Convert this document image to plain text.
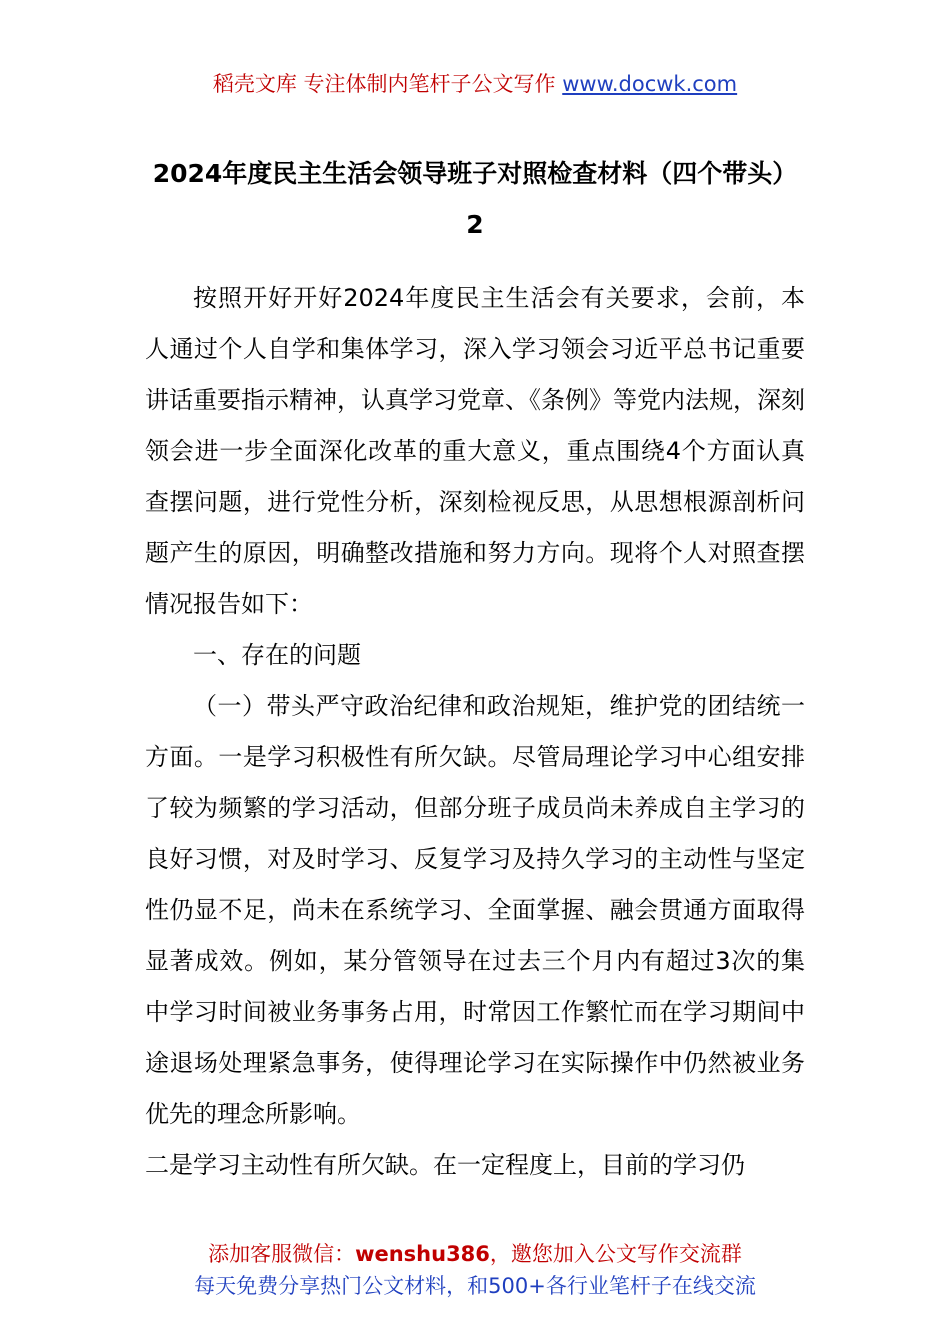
稻壳文库 专注体制内笔杆子公文写作 www.docwk.com
2024年度民主生活会领导班子对照检查材料（四个带头）2

按照开好开好2024年度民主生活会有关要求，会前，本人通过个人自学和集体学习，深入学习领会习近平总书记重要讲话重要指示精神，认真学习党章、《条例》等党内法规，深刻领会进一步全面深化改革的重大意义，重点围绕4个方面认真查摆问题，进行党性分析，深刻检视反思，从思想根源剖析问题产生的原因，明确整改措施和努力方向。现将个人对照查摆情况报告如下：

一、存在的问题

（一）带头严守政治纪律和政治规矩，维护党的团结统一方面。一是学习积极性有所欠缺。尽管局理论学习中心组安排了较为频繁的学习活动，但部分班子成员尚未养成自主学习的良好习惯，对及时学习、反复学习及持久学习的主动性与坚定性仍显不足，尚未在系统学习、全面掌握、融会贯通方面取得显著成效。例如，某分管领导在过去三个月内有超过3次的集中学习时间被业务事务占用，时常因工作繁忙而在学习期间中途退场处理紧急事务，使得理论学习在实际操作中仍然被业务优先的理念所影响。

二是学习主动性有所欠缺。在一定程度上，目前的学习仍

添加客服微信：wenshu386，邀您加入公文写作交流群
每天免费分享热门公文材料，和500+各行业笔杆子在线交流
